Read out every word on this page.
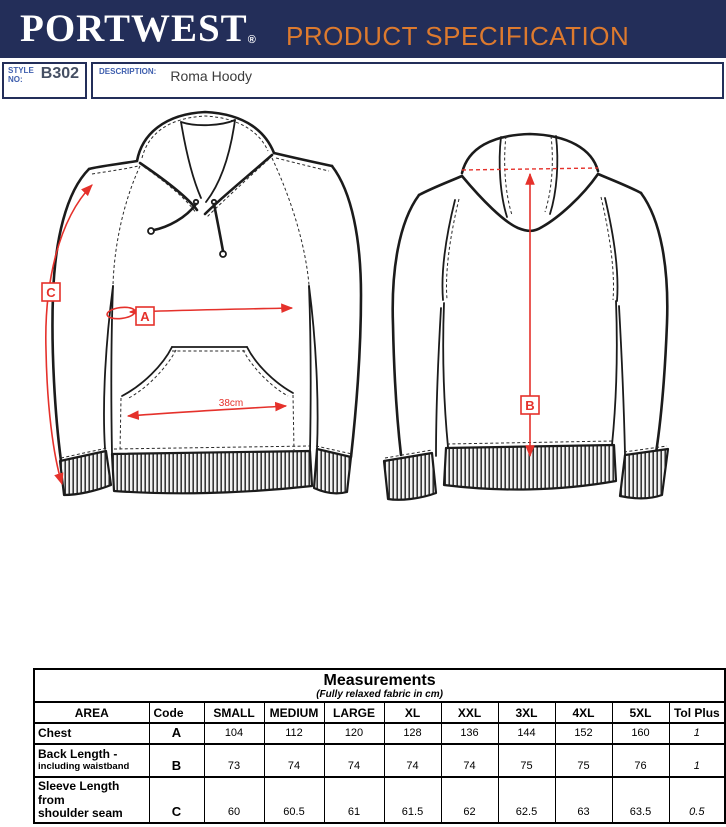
PORTWEST® PRODUCT SPECIFICATION
STYLE
NO:	B302 DESCRIPTION: Roma Hoody
C
A
38cm	B
Measurements
(Fully relaxed fabric in cm)										

AREA	Code	SMALL	MEDIUM	LARGE	XL	XXL	3XL	4XL	5XL	Tol Plus

Chest	A	104	112	120	128	136	144	152	160	1

Back Length -
including waistband	B	73	74	74	74	74	75	75	76	1

Sleeve Length from
shoulder seam	C	60	60.5	61	61.5	62	62.5	63	63.5	0.5
